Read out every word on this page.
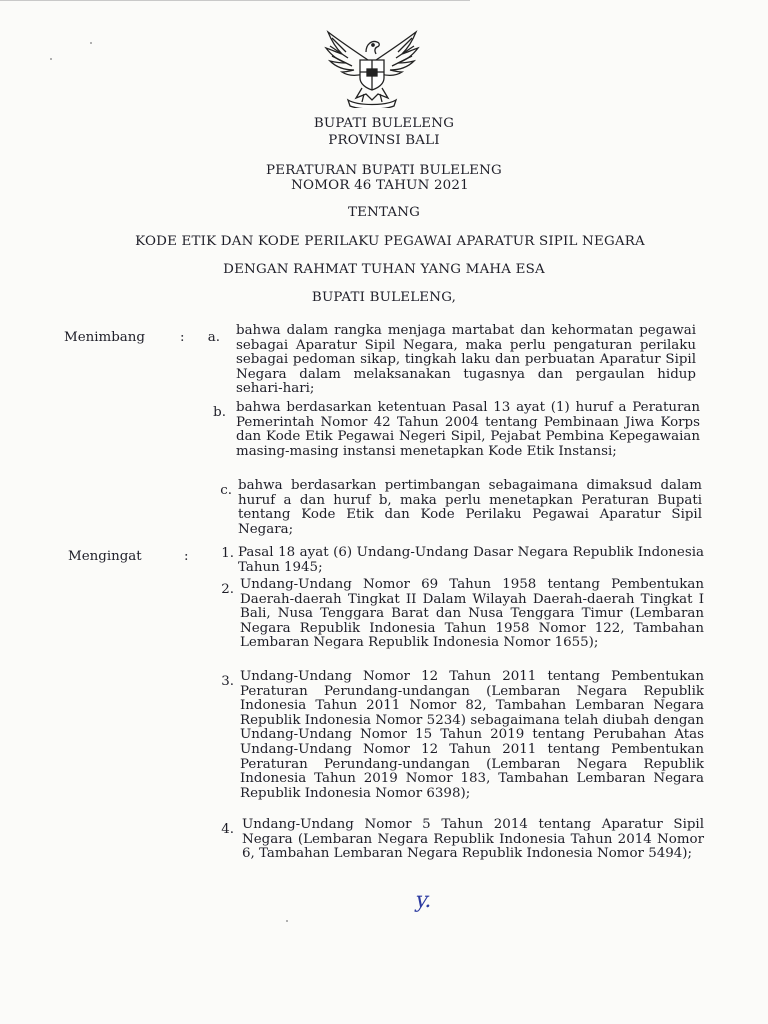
BUPATI BULELENG
PROVINSI BALI
PERATURAN BUPATI BULELENG
NOMOR 46 TAHUN 2021
TENTANG
KODE ETIK DAN KODE PERILAKU PEGAWAI APARATUR SIPIL NEGARA
DENGAN RAHMAT TUHAN YANG MAHA ESA
BUPATI BULELENG,
Menimbang	:	a. bahwa dalam rangka menjaga martabat dan kehormatan pegawai sebagai Aparatur Sipil Negara, maka perlu pengaturan perilaku sebagai pedoman sikap, tingkah laku dan perbuatan Aparatur Sipil Negara dalam melaksanakan tugasnya dan pergaulan hidup sehari-hari;
b. bahwa berdasarkan ketentuan Pasal 13 ayat (1) huruf a Peraturan Pemerintah Nomor 42 Tahun 2004 tentang Pembinaan Jiwa Korps dan Kode Etik Pegawai Negeri Sipil, Pejabat Pembina Kepegawaian masing-masing instansi menetapkan Kode Etik Instansi;
c. bahwa berdasarkan pertimbangan sebagaimana dimaksud dalam huruf a dan huruf b, maka perlu menetapkan Peraturan Bupati tentang Kode Etik dan Kode Perilaku Pegawai Aparatur Sipil Negara;
Mengingat	:	1. Pasal 18 ayat (6) Undang-Undang Dasar Negara Republik Indonesia Tahun 1945;
2. Undang-Undang Nomor 69 Tahun 1958 tentang Pembentukan Daerah-daerah Tingkat II Dalam Wilayah Daerah-daerah Tingkat I Bali, Nusa Tenggara Barat dan Nusa Tenggara Timur (Lembaran Negara Republik Indonesia Tahun 1958 Nomor 122, Tambahan Lembaran Negara Republik Indonesia Nomor 1655);
3. Undang-Undang Nomor 12 Tahun 2011 tentang Pembentukan Peraturan Perundang-undangan (Lembaran Negara Republik Indonesia Tahun 2011 Nomor 82, Tambahan Lembaran Negara Republik Indonesia Nomor 5234) sebagaimana telah diubah dengan Undang-Undang Nomor 15 Tahun 2019 tentang Perubahan Atas Undang-Undang Nomor 12 Tahun 2011 tentang Pembentukan Peraturan Perundang-undangan (Lembaran Negara Republik Indonesia Tahun 2019 Nomor 183, Tambahan Lembaran Negara Republik Indonesia Nomor 6398);
4. Undang-Undang Nomor 5 Tahun 2014 tentang Aparatur Sipil Negara (Lembaran Negara Republik Indonesia Tahun 2014 Nomor 6, Tambahan Lembaran Negara Republik Indonesia Nomor 5494);
y.
